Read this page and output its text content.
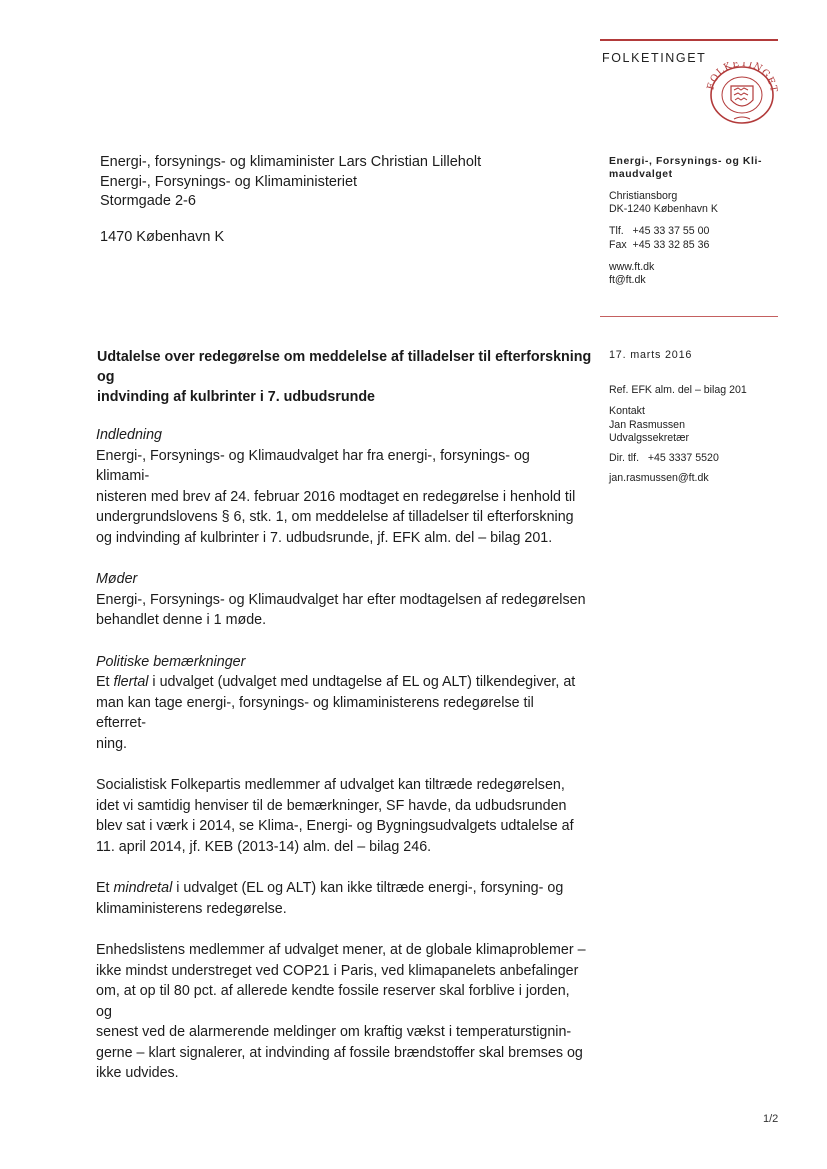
FOLKETINGET
FOLKETINGET
Energi-, forsynings- og klimaminister Lars Christian Lilleholt
Energi-, Forsynings- og Klimaministeriet
Stormgade 2-6
1470 København K
Energi-, Forsynings- og Kli-
maudvalget
Christiansborg
DK-1240 København K
Tlf.   +45 33 37 55 00
Fax  +45 33 32 85 36
www.ft.dk
ft@ft.dk
17. marts 2016
Ref. EFK alm. del – bilag 201
Kontakt
Jan Rasmussen
Udvalgssekretær
Dir. tlf.   +45 3337 5520
jan.rasmussen@ft.dk
Udtalelse over redegørelse om meddelelse af tilladelser til efterforskning og
indvinding af kulbrinter i 7. udbudsrunde

Indledning

Energi-, Forsynings- og Klimaudvalget har fra energi-, forsynings- og klimami-

nisteren med brev af 24. februar 2016 modtaget en redegørelse i henhold til

undergrundslovens § 6, stk. 1, om meddelelse af tilladelser til efterforskning

og indvinding af kulbrinter i 7. udbudsrunde, jf. EFK alm. del – bilag 201.

Møder

Energi-, Forsynings- og Klimaudvalget har efter modtagelsen af redegørelsen

behandlet denne i 1 møde.

Politiske bemærkninger

Et flertal i udvalget (udvalget med undtagelse af EL og ALT) tilkendegiver, at

man kan tage energi-, forsynings- og klimaministerens redegørelse til efterret-

ning.

Socialistisk Folkepartis medlemmer af udvalget kan tiltræde redegørelsen,

idet vi samtidig henviser til de bemærkninger, SF havde, da udbudsrunden

blev sat i værk i 2014, se Klima-, Energi- og Bygningsudvalgets udtalelse af

11. april 2014, jf. KEB (2013-14) alm. del – bilag 246.

Et mindretal i udvalget (EL og ALT) kan ikke tiltræde energi-, forsyning- og

klimaministerens redegørelse.

Enhedslistens medlemmer af udvalget mener, at de globale klimaproblemer –

ikke mindst understreget ved COP21 i Paris, ved klimapanelets anbefalinger

om, at op til 80 pct. af allerede kendte fossile reserver skal forblive i jorden, og

senest ved de alarmerende meldinger om kraftig vækst i temperaturstignin-

gerne – klart signalerer, at indvinding af fossile brændstoffer skal bremses og

ikke udvides.

1/2
